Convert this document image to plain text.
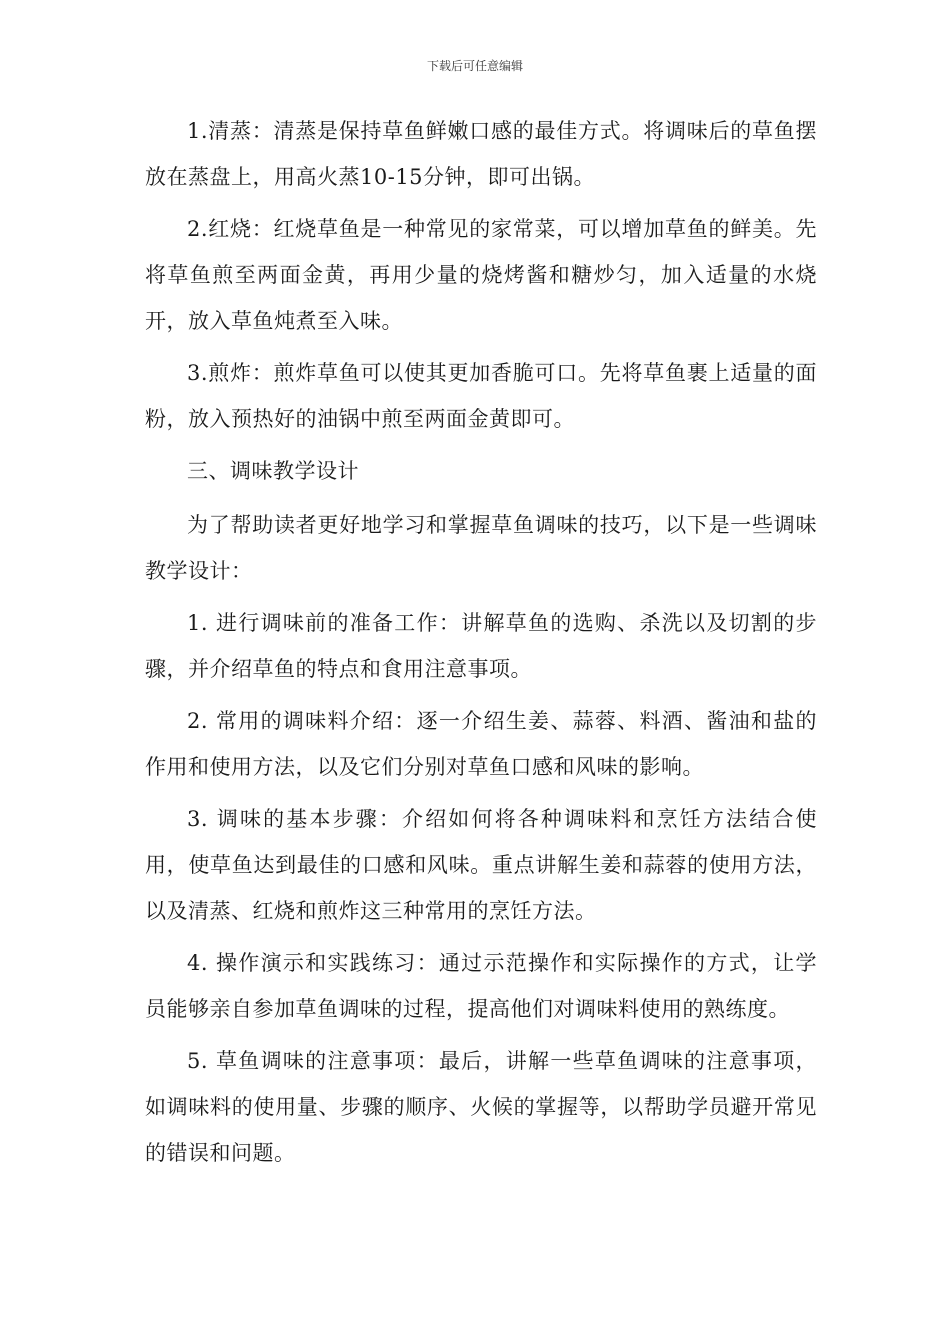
下载后可任意编辑

1.清蒸：清蒸是保持草鱼鲜嫩口感的最佳方式。将调味后的草鱼摆放在蒸盘上，用高火蒸10-15分钟，即可出锅。

2.红烧：红烧草鱼是一种常见的家常菜，可以增加草鱼的鲜美。先将草鱼煎至两面金黄，再用少量的烧烤酱和糖炒匀，加入适量的水烧开，放入草鱼炖煮至入味。

3.煎炸：煎炸草鱼可以使其更加香脆可口。先将草鱼裹上适量的面粉，放入预热好的油锅中煎至两面金黄即可。

三、调味教学设计

为了帮助读者更好地学习和掌握草鱼调味的技巧，以下是一些调味教学设计：

1. 进行调味前的准备工作：讲解草鱼的选购、杀洗以及切割的步骤，并介绍草鱼的特点和食用注意事项。

2. 常用的调味料介绍：逐一介绍生姜、蒜蓉、料酒、酱油和盐的作用和使用方法，以及它们分别对草鱼口感和风味的影响。

3. 调味的基本步骤：介绍如何将各种调味料和烹饪方法结合使用，使草鱼达到最佳的口感和风味。重点讲解生姜和蒜蓉的使用方法，以及清蒸、红烧和煎炸这三种常用的烹饪方法。

4. 操作演示和实践练习：通过示范操作和实际操作的方式，让学员能够亲自参加草鱼调味的过程，提高他们对调味料使用的熟练度。

5. 草鱼调味的注意事项：最后，讲解一些草鱼调味的注意事项，如调味料的使用量、步骤的顺序、火候的掌握等，以帮助学员避开常见的错误和问题。
